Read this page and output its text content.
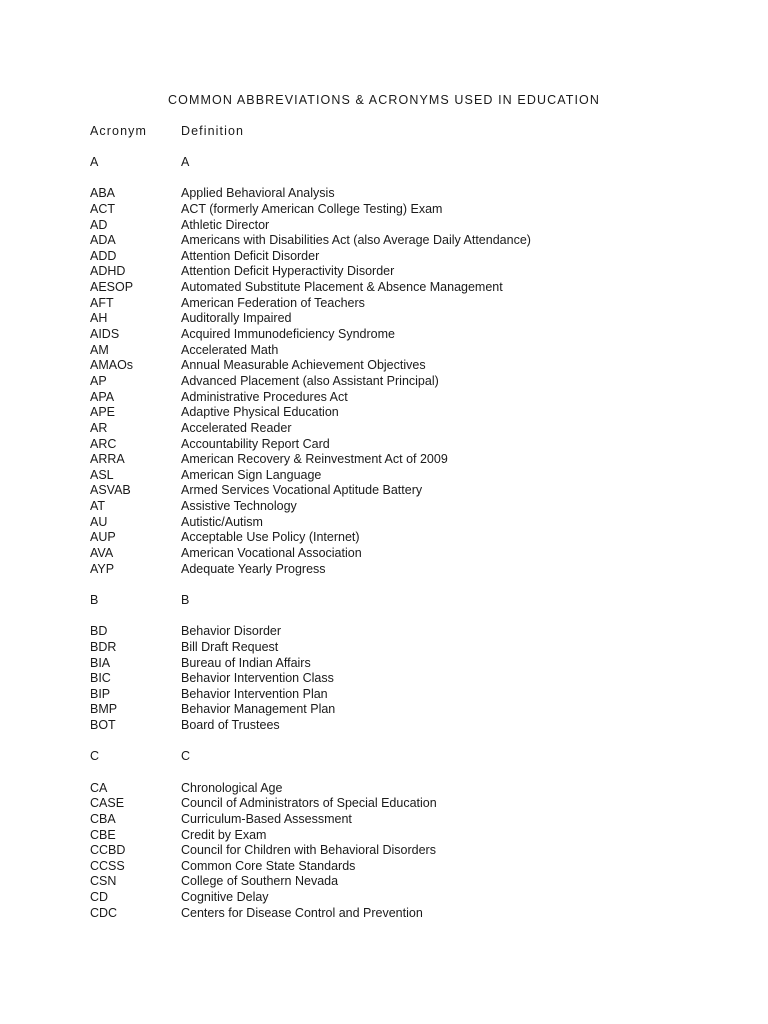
COMMON ABBREVIATIONS & ACRONYMS USED IN EDUCATION
Acronym	Definition
A	A
ABA	Applied Behavioral Analysis
ACT	ACT (formerly American College Testing) Exam
AD	Athletic Director
ADA	Americans with Disabilities Act (also Average Daily Attendance)
ADD	Attention Deficit Disorder
ADHD	Attention Deficit Hyperactivity Disorder
AESOP	Automated Substitute Placement & Absence Management
AFT	American Federation of Teachers
AH	Auditorally Impaired
AIDS	Acquired Immunodeficiency Syndrome
AM	Accelerated Math
AMAOs	Annual Measurable Achievement Objectives
AP	Advanced Placement (also Assistant Principal)
APA	Administrative Procedures Act
APE	Adaptive Physical Education
AR	Accelerated Reader
ARC	Accountability Report Card
ARRA	American Recovery & Reinvestment Act of 2009
ASL	American Sign Language
ASVAB	Armed Services Vocational Aptitude Battery
AT	Assistive Technology
AU	Autistic/Autism
AUP	Acceptable Use Policy (Internet)
AVA	American Vocational Association
AYP	Adequate Yearly Progress
B	B
BD	Behavior Disorder
BDR	Bill Draft Request
BIA	Bureau of Indian Affairs
BIC	Behavior Intervention Class
BIP	Behavior Intervention Plan
BMP	Behavior Management Plan
BOT	Board of Trustees
C	C
CA	Chronological Age
CASE	Council of Administrators of Special Education
CBA	Curriculum-Based Assessment
CBE	Credit by Exam
CCBD	Council for Children with Behavioral Disorders
CCSS	Common Core State Standards
CSN	College of Southern Nevada
CD	Cognitive Delay
CDC	Centers for Disease Control and Prevention
